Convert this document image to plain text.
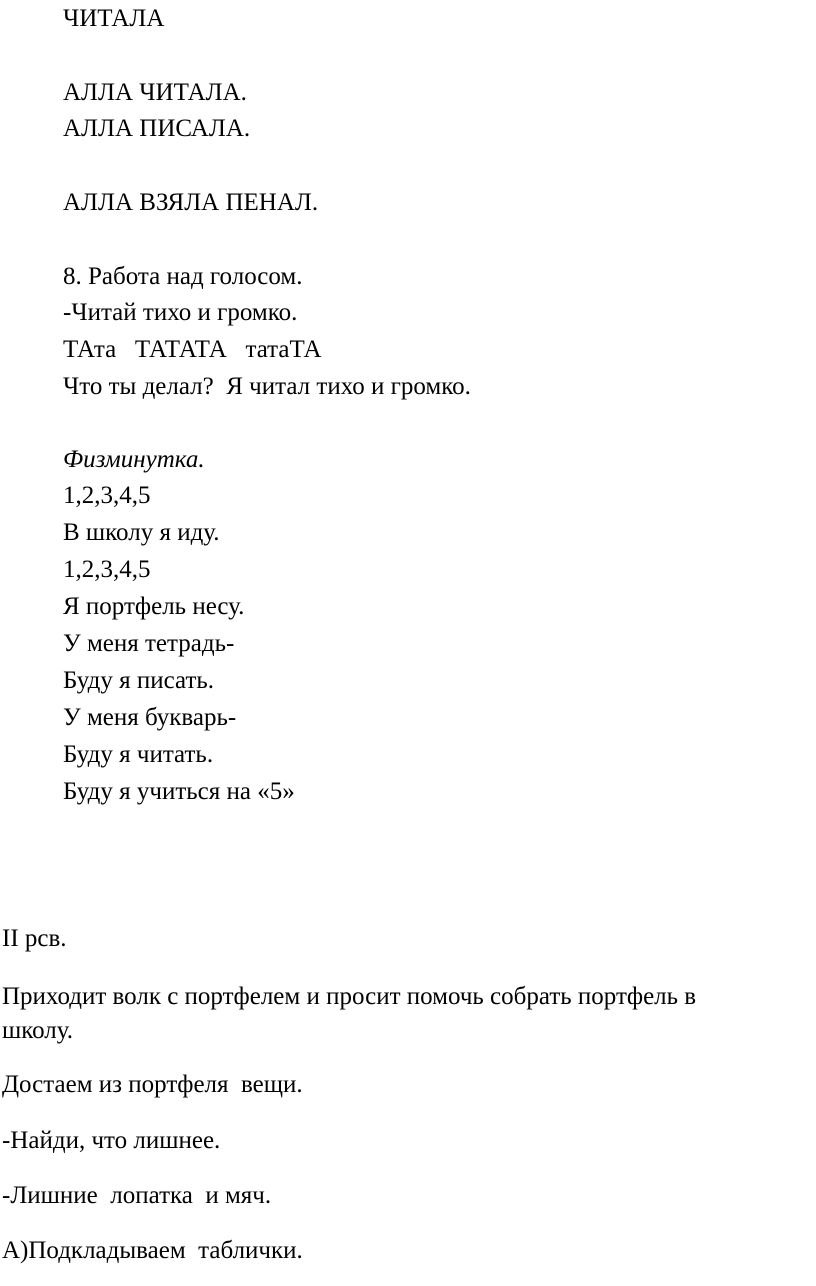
ЧИТАЛА
АЛЛА ЧИТАЛА.
АЛЛА ПИСАЛА.
АЛЛА ВЗЯЛА ПЕНАЛ.
8. Работа над голосом.
-Читай тихо и громко.
ТАта   ТАТАТА   татаТА
Что ты делал?  Я читал тихо и громко.
Физминутка.
1,2,3,4,5
В школу я иду.
1,2,3,4,5
Я портфель несу.
У меня тетрадь-
Буду я писать.
У меня букварь-
Буду я читать.
Буду я учиться на «5»
II рсв.
Приходит волк с портфелем и просит помочь собрать портфель в
школу.
Достаем из портфеля  вещи.
-Найди, что лишнее.
-Лишние  лопатка  и мяч.
А)Подкладываем  таблички.
